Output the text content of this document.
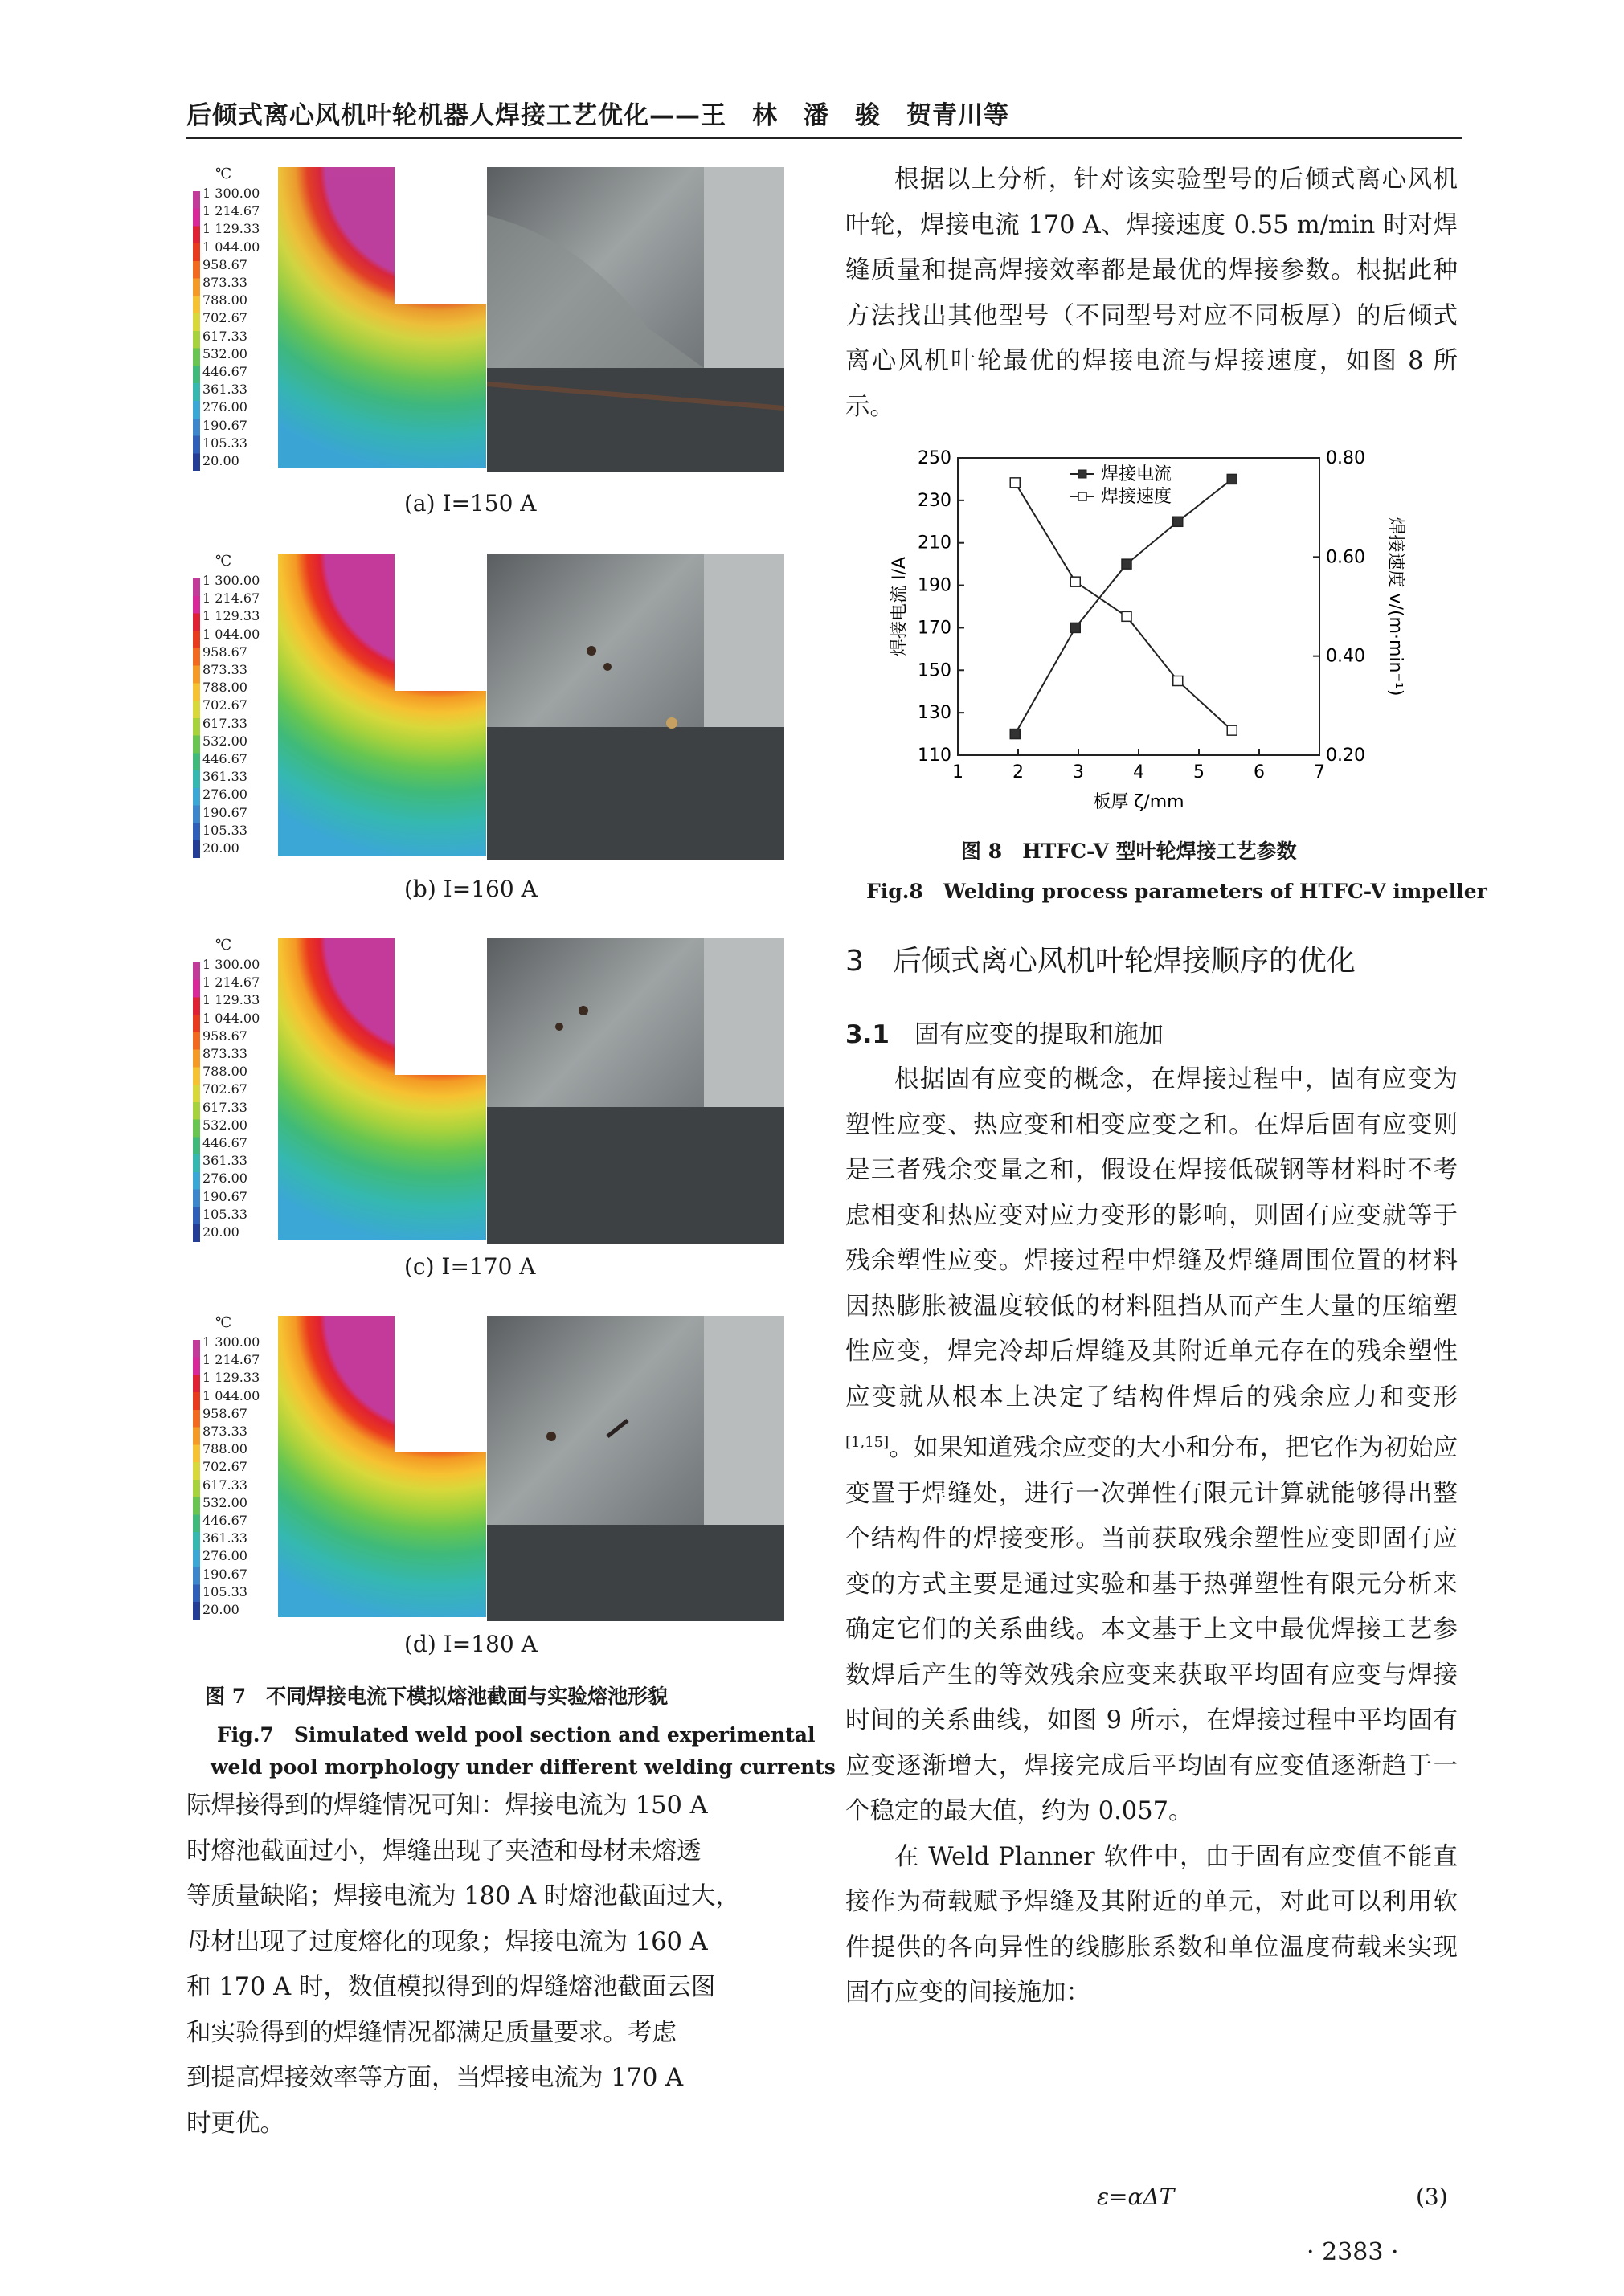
后倾式离心风机叶轮机器人焊接工艺优化——王　林　潘　骏　贺青川等
℃
1 300.00
1 214.67
1 129.33
1 044.00
958.67
873.33
788.00
702.67
617.33
532.00
446.67
361.33
276.00
190.67
105.33
20.00
(a) I=150 A
℃
1 300.00
1 214.67
1 129.33
1 044.00
958.67
873.33
788.00
702.67
617.33
532.00
446.67
361.33
276.00
190.67
105.33
20.00
(b) I=160 A
℃
1 300.00
1 214.67
1 129.33
1 044.00
958.67
873.33
788.00
702.67
617.33
532.00
446.67
361.33
276.00
190.67
105.33
20.00
(c) I=170 A
℃
1 300.00
1 214.67
1 129.33
1 044.00
958.67
873.33
788.00
702.67
617.33
532.00
446.67
361.33
276.00
190.67
105.33
20.00
(d) I=180 A
图 7　不同焊接电流下模拟熔池截面与实验熔池形貌
Fig.7　Simulated weld pool section and experimental
weld pool morphology under different welding currents
际焊接得到的焊缝情况可知：焊接电流为 150 A
时熔池截面过小，焊缝出现了夹渣和母材未熔透
等质量缺陷；焊接电流为 180 A 时熔池截面过大，
母材出现了过度熔化的现象；焊接电流为 160 A
和 170 A 时，数值模拟得到的焊缝熔池截面云图
和实验得到的焊缝情况都满足质量要求。考虑
到提高焊接效率等方面，当焊接电流为 170 A
时更优。

根据以上分析，针对该实验型号的后倾式离心风机叶轮，焊接电流 170 A、焊接速度 0.55 m/min 时对焊缝质量和提高焊接效率都是最优的焊接参数。根据此种方法找出其他型号（不同型号对应不同板厚）的后倾式离心风机叶轮最优的焊接电流与焊接速度，如图 8 所示。

1	2	3	4	5	6	7
110
130
150
170
190
210
230
250
0.20
0.40
0.60
0.80
焊接电流
焊接速度
焊接电流 I/A	焊接速度 v/(m·min⁻¹)
板厚 ζ/mm
图 8　HTFC-V 型叶轮焊接工艺参数
Fig.8　Welding process parameters of HTFC-V impeller
3　后倾式离心风机叶轮焊接顺序的优化
3.1　 固有应变的提取和施加

根据固有应变的概念，在焊接过程中，固有应变为塑性应变、热应变和相变应变之和。在焊后固有应变则是三者残余变量之和，假设在焊接低碳钢等材料时不考虑相变和热应变对应力变形的影响，则固有应变就等于残余塑性应变。焊接过程中焊缝及焊缝周围位置的材料因热膨胀被温度较低的材料阻挡从而产生大量的压缩塑性应变，焊完冷却后焊缝及其附近单元存在的残余塑性应变就从根本上决定了结构件焊后的残余应力和变形[1,15]。如果知道残余应变的大小和分布，把它作为初始应变置于焊缝处，进行一次弹性有限元计算就能够得出整个结构件的焊接变形。当前获取残余塑性应变即固有应变的方式主要是通过实验和基于热弹塑性有限元分析来确定它们的关系曲线。本文基于上文中最优焊接工艺参数焊后产生的等效残余应变来获取平均固有应变与焊接时间的关系曲线，如图 9 所示，在焊接过程中平均固有应变逐渐增大，焊接完成后平均固有应变值逐渐趋于一个稳定的最大值，约为 0.057。

在 Weld Planner 软件中，由于固有应变值不能直接作为荷载赋予焊缝及其附近的单元，对此可以利用软件提供的各向异性的线膨胀系数和单位温度荷载来实现固有应变的间接施加：

ε=αΔT	(3)
· 2383 ·
